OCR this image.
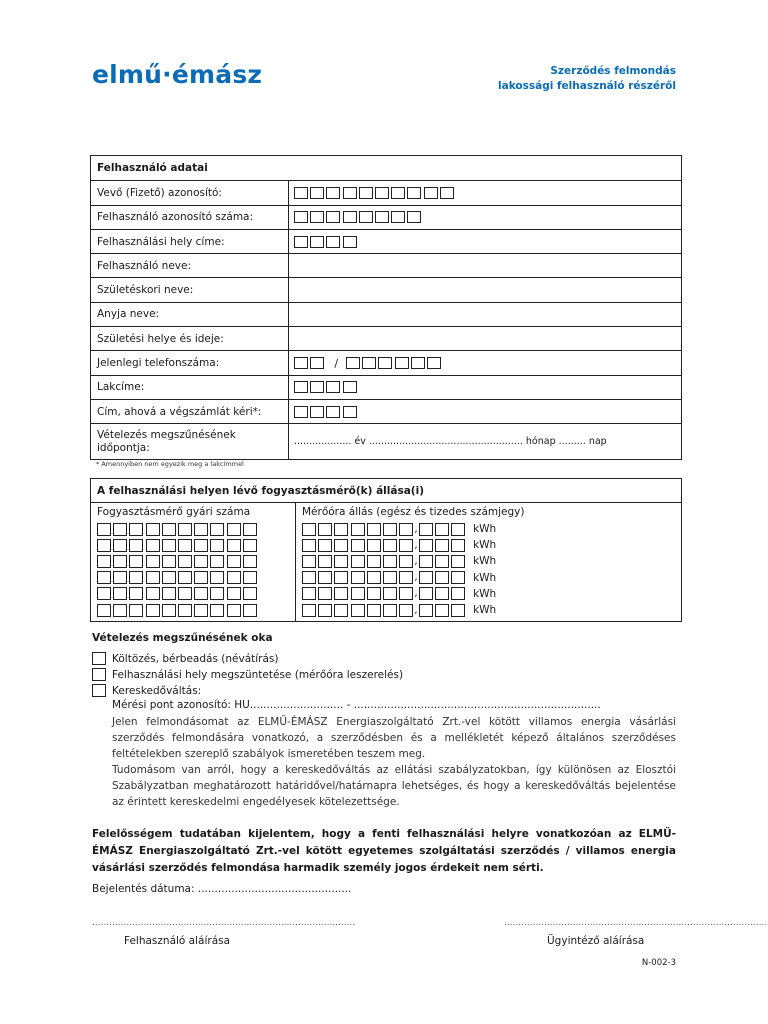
elmű·émász	Szerződés felmondás
lakossági felhasználó részéről
Felhasználó adatai
Vevő (Fizető) azonosító:
Felhasználó azonosító száma:
Felhasználási hely címe:
Felhasználó neve:
Születéskori neve:
Anyja neve:
Születési helye és ideje:
Jelenlegi telefonszáma:	/
Lakcíme:
Cím, ahová a végszámlát kéri*:
Vételezés megszűnésének időpontja:	................... év ................................................... hónap ......... nap
* Amennyiben nem egyezik meg a lakcímmel
A felhasználási helyen lévő fogyasztásmérő(k) állása(i)
Fogyasztásmérő gyári száma	Mérőóra állás (egész és tizedes számjegy)
,	kWh
,	kWh
,	kWh
,	kWh
,	kWh
,	kWh
Vételezés megszűnésének oka
Költözés, bérbeadás (névátírás)
Felhasználási hely megszüntetése (mérőóra leszerelés)
Kereskedőváltás:
Mérési pont azonosító: HU............................ - ..........................................................................
Jelen felmondásomat az ELMŰ-ÉMÁSZ Energiaszolgáltató Zrt.-vel kötött villamos energia vásárlási szerződés felmondására vonatkozó, a szerződésben és a mellékletét képező általános szerződéses feltételekben szereplő szabályok ismeretében teszem meg.
Tudomásom van arról, hogy a kereskedőváltás az ellátási szabályzatokban, így különösen az Elosztói Szabályzatban meghatározott határidővel/határnapra lehetséges, és hogy a kereskedőváltás bejelentése az érintett kereskedelmi engedélyesek kötelezettsége.
Felelősségem tudatában kijelentem, hogy a fenti felhasználási helyre vonatkozóan az ELMŰ-ÉMÁSZ Energiaszolgáltató Zrt.-vel kötött egyetemes szolgáltatási szerződés / villamos energia vásárlási szerződés felmondása harmadik személy jogos érdekeit nem sérti.
Bejelentés dátuma: ..............................................
............................................................................................	............................................................................................
Felhasználó aláírása	Ügyintéző aláírása
N-002-3
